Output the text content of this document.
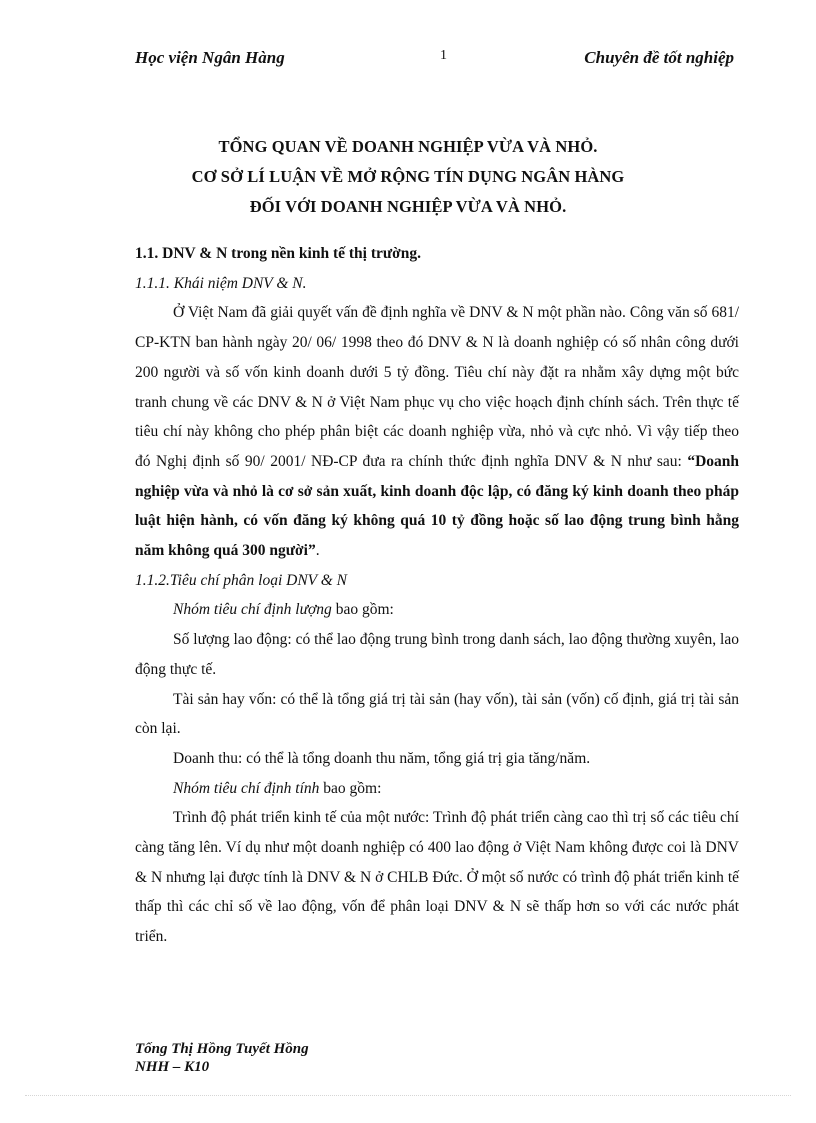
Học viện Ngân Hàng	1	Chuyên đề tốt nghiệp
TỔNG QUAN VỀ DOANH NGHIỆP VỪA VÀ NHỎ.
CƠ SỞ LÍ LUẬN VỀ MỞ RỘNG TÍN DỤNG NGÂN HÀNG
ĐỐI VỚI DOANH NGHIỆP VỪA VÀ NHỎ.
1.1. DNV & N trong nền kinh tế thị trường.
1.1.1. Khái niệm DNV & N.

Ở Việt Nam đã giải quyết vấn đề định nghĩa về DNV & N một phần nào. Công văn số 681/ CP-KTN ban hành ngày 20/ 06/ 1998 theo đó DNV & N là doanh nghiệp có số nhân công dưới 200 người và số vốn kinh doanh dưới 5 tỷ đồng. Tiêu chí này đặt ra nhằm xây dựng một bức tranh chung về các DNV & N ở Việt Nam phục vụ cho việc hoạch định chính sách. Trên thực tế tiêu chí này không cho phép phân biệt các doanh nghiệp vừa, nhỏ và cực nhỏ. Vì vậy tiếp theo đó Nghị định số 90/ 2001/ NĐ-CP đưa ra chính thức định nghĩa DNV & N như sau: “Doanh nghiệp vừa và nhỏ là cơ sở sản xuất, kinh doanh độc lập, có đăng ký kinh doanh theo pháp luật hiện hành, có vốn đăng ký không quá 10 tỷ đồng hoặc số lao động trung bình hằng năm không quá 300 người”.

1.1.2.Tiêu chí phân loại DNV & N
Nhóm tiêu chí định lượng bao gồm:

Số lượng lao động: có thể lao động trung bình trong danh sách, lao động thường xuyên, lao động thực tế.

Tài sản hay vốn: có thể là tổng giá trị tài sản (hay vốn), tài sản (vốn) cố định, giá trị tài sản còn lại.

Doanh thu: có thể là tổng doanh thu năm, tổng giá trị gia tăng/năm.

Nhóm tiêu chí định tính bao gồm:

Trình độ phát triển kinh tế của một nước: Trình độ phát triển càng cao thì trị số các tiêu chí càng tăng lên. Ví dụ như một doanh nghiệp có 400 lao động ở Việt Nam không được coi là DNV & N nhưng lại được tính là DNV & N ở CHLB Đức. Ở một số nước có trình độ phát triển kinh tế thấp thì các chỉ số về lao động, vốn để phân loại DNV & N sẽ thấp hơn so với các nước phát triển.

Tống Thị Hồng Tuyết Hồng
NHH – K10
